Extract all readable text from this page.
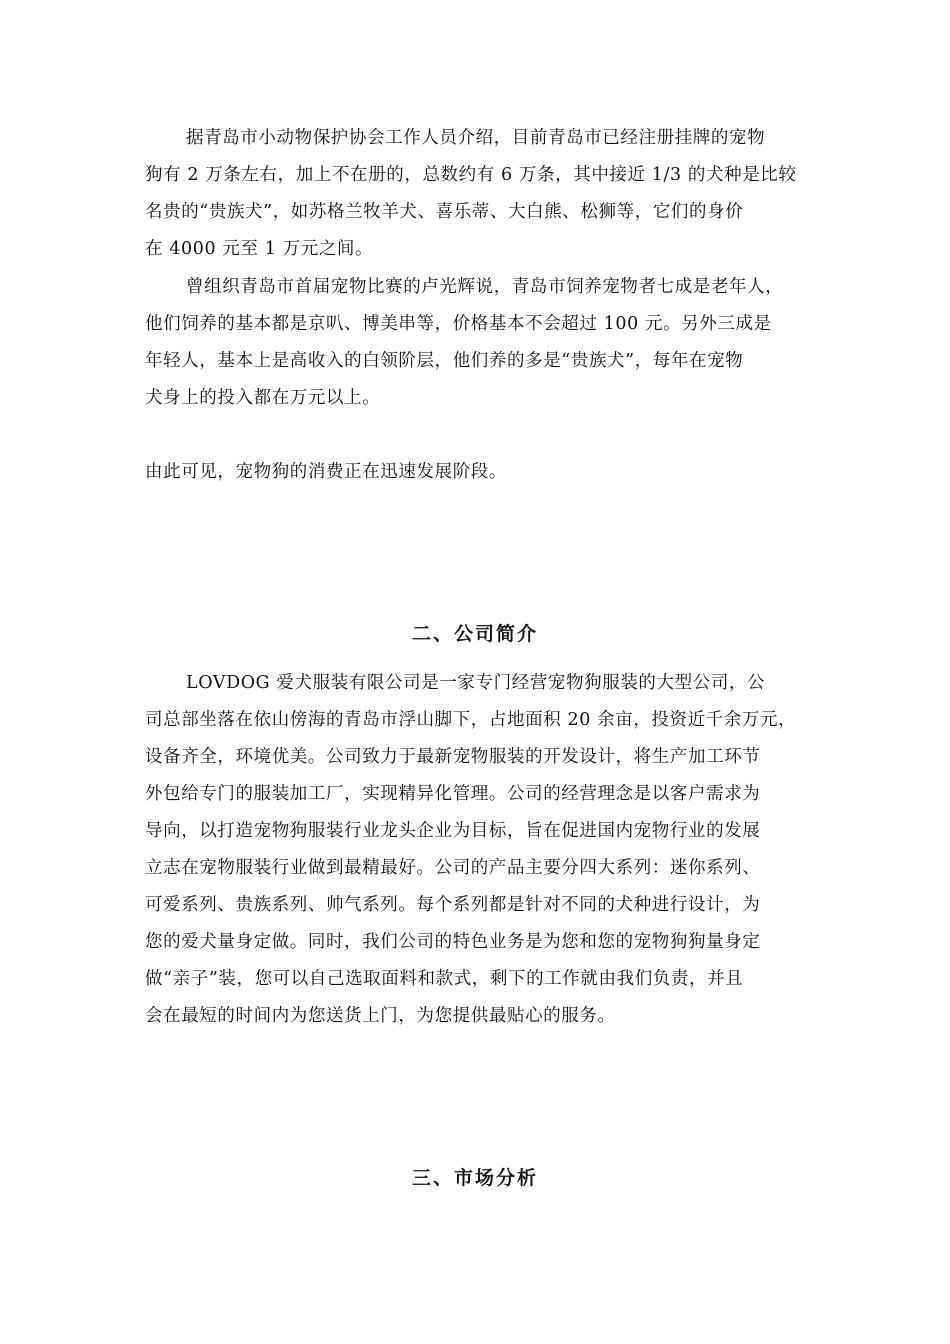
据青岛市小动物保护协会工作人员介绍，目前青岛市已经注册挂牌的宠物
狗有 2 万条左右，加上不在册的，总数约有 6 万条，其中接近 1/3 的犬种是比较
名贵的“贵族犬”，如苏格兰牧羊犬、喜乐蒂、大白熊、松狮等，它们的身价
在 4000 元至 1 万元之间。
曾组织青岛市首届宠物比赛的卢光辉说，青岛市饲养宠物者七成是老年人，
他们饲养的基本都是京叭、博美串等，价格基本不会超过 100 元。另外三成是
年轻人，基本上是高收入的白领阶层，他们养的多是“贵族犬”，每年在宠物
犬身上的投入都在万元以上。
由此可见，宠物狗的消费正在迅速发展阶段。
二、公司简介
LOVDOG 爱犬服装有限公司是一家专门经营宠物狗服装的大型公司，公
司总部坐落在依山傍海的青岛市浮山脚下，占地面积 20 余亩，投资近千余万元，
设备齐全，环境优美。公司致力于最新宠物服装的开发设计，将生产加工环节
外包给专门的服装加工厂，实现精异化管理。公司的经营理念是以客户需求为
导向，以打造宠物狗服装行业龙头企业为目标，旨在促进国内宠物行业的发展
立志在宠物服装行业做到最精最好。公司的产品主要分四大系列：迷你系列、
可爱系列、贵族系列、帅气系列。每个系列都是针对不同的犬种进行设计，为
您的爱犬量身定做。同时，我们公司的特色业务是为您和您的宠物狗狗量身定
做“亲子”装，您可以自己选取面料和款式，剩下的工作就由我们负责，并且
会在最短的时间内为您送货上门，为您提供最贴心的服务。
三、市场分析
